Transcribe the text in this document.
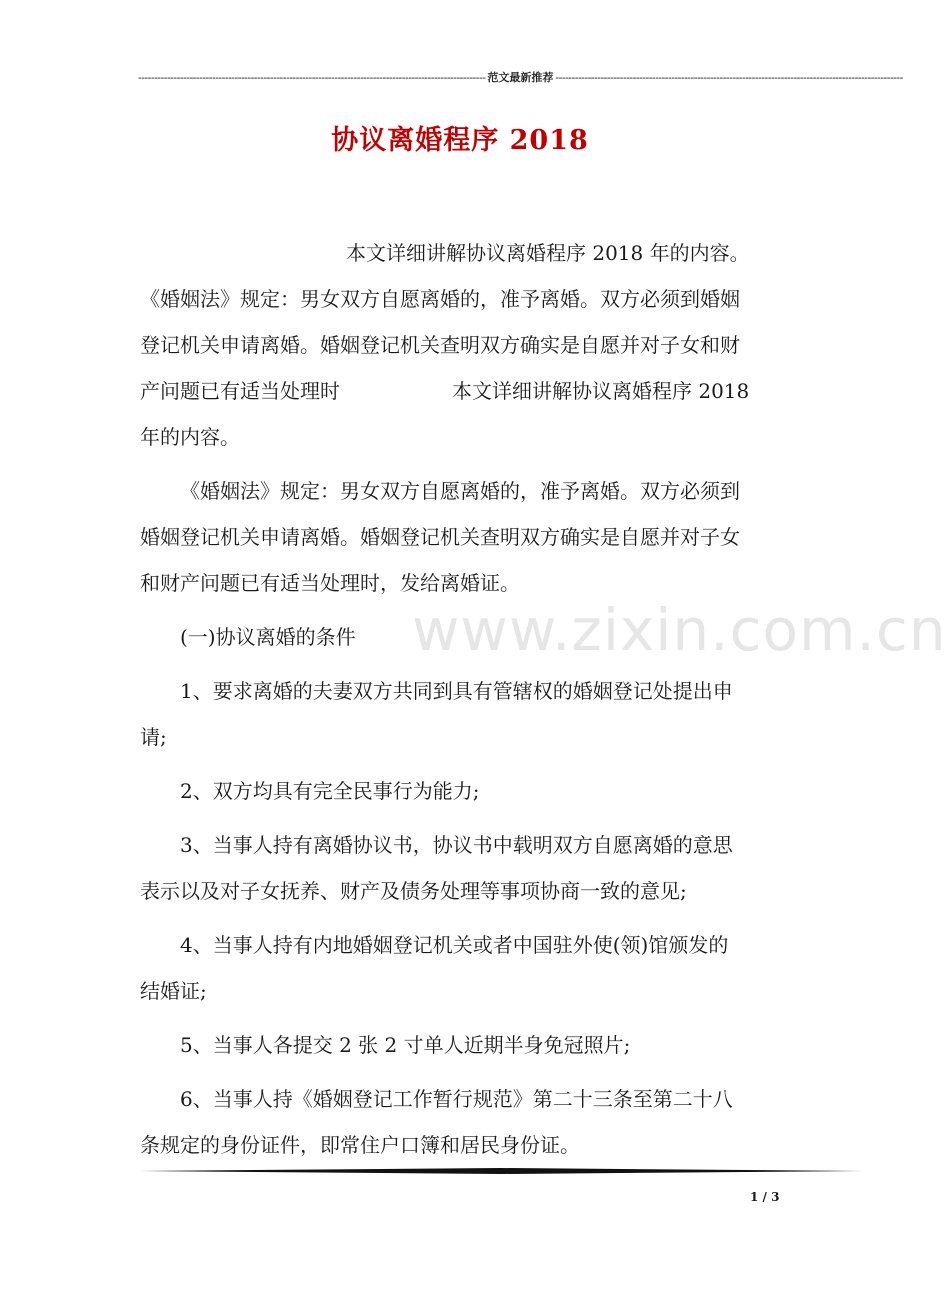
------------------------------------------------------------------------------------------------------------ 范文最新推荐 ------------------------------------------------------------------------------------------------------------
协议离婚程序 2018
www.zixin.com.cn

本文详细讲解协议离婚程序 2018 年的内容。

《婚姻法》规定：男女双方自愿离婚的，准予离婚。双方必须到婚姻

登记机关申请离婚。婚姻登记机关查明双方确实是自愿并对子女和财

产问题已有适当处理时	本文详细讲解协议离婚程序 2018

年的内容。

《婚姻法》规定：男女双方自愿离婚的，准予离婚。双方必须到

婚姻登记机关申请离婚。婚姻登记机关查明双方确实是自愿并对子女

和财产问题已有适当处理时，发给离婚证。

(一)协议离婚的条件

1、要求离婚的夫妻双方共同到具有管辖权的婚姻登记处提出申

请;

2、双方均具有完全民事行为能力;

3、当事人持有离婚协议书，协议书中载明双方自愿离婚的意思

表示以及对子女抚养、财产及债务处理等事项协商一致的意见;

4、当事人持有内地婚姻登记机关或者中国驻外使(领)馆颁发的

结婚证;

5、当事人各提交 2 张 2 寸单人近期半身免冠照片;

6、当事人持《婚姻登记工作暂行规范》第二十三条至第二十八

条规定的身份证件，即常住户口簿和居民身份证。

1 / 3
